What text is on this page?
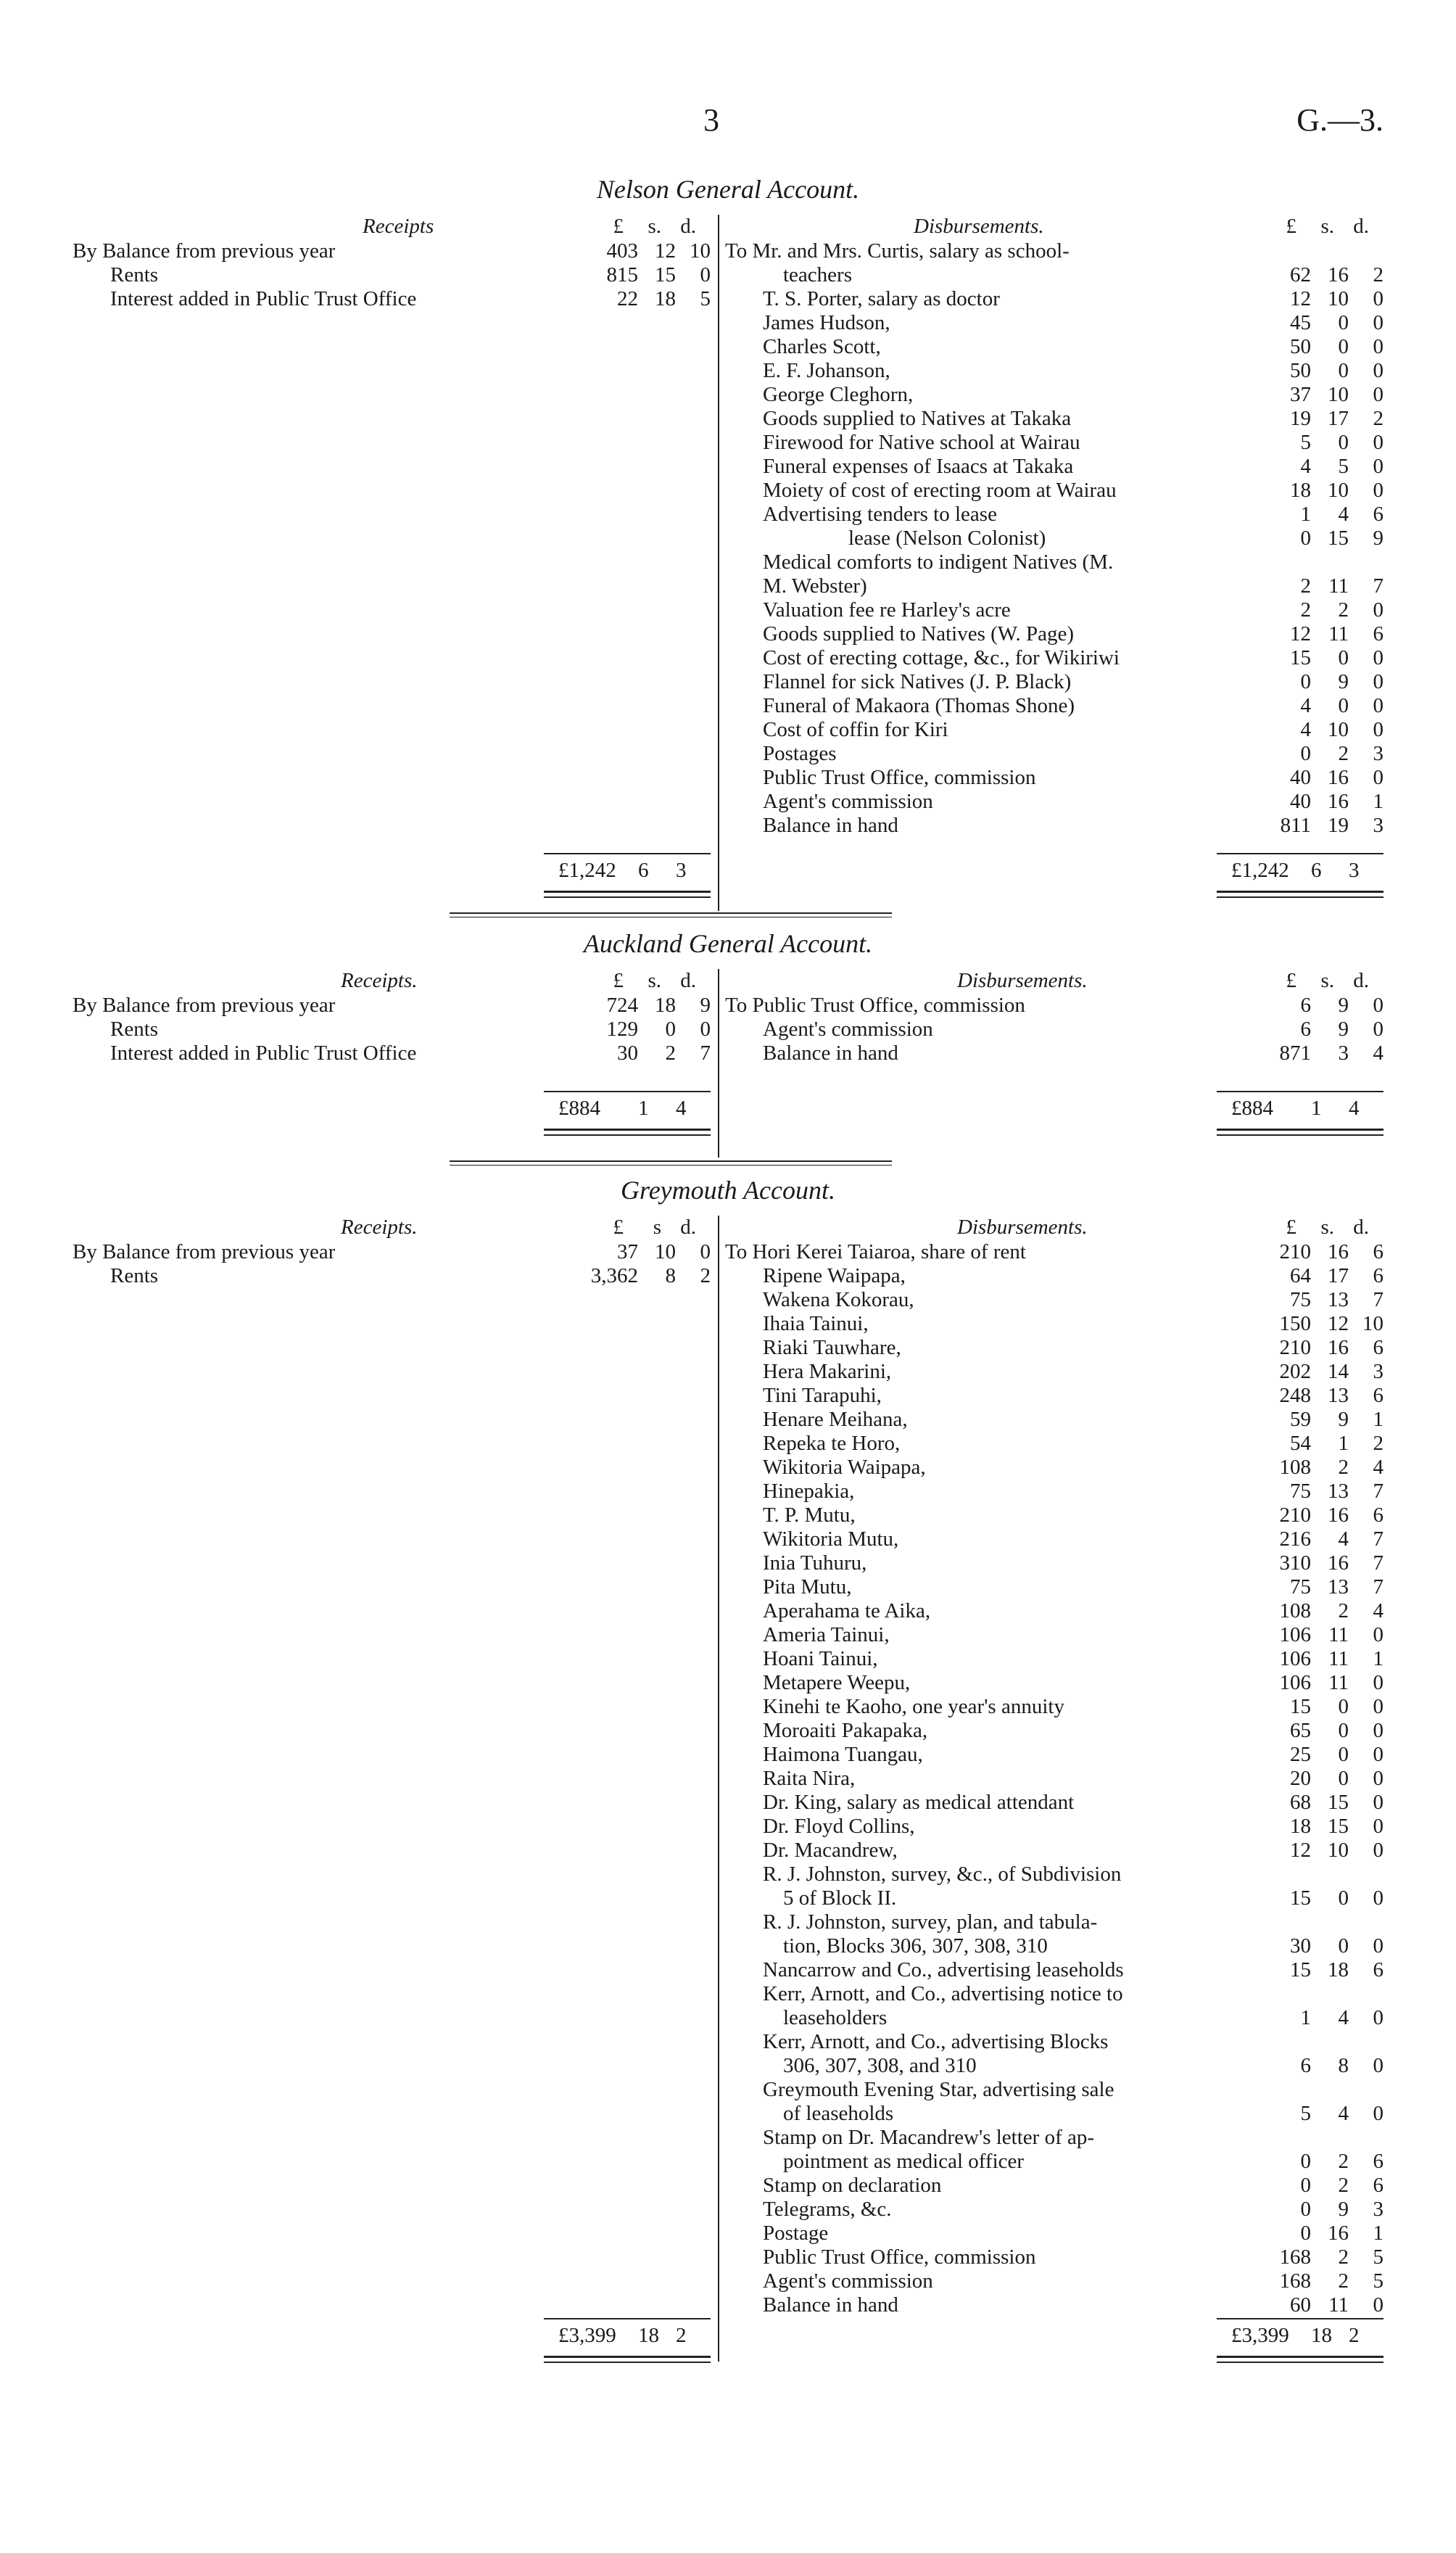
3	G.—3.
Nelson General Account.
Receipts	£	s. d.
By Balance from previous year	403 12 10
Rents	815 15	0
Interest added in Public Trust Office	22 18	5
Disbursements.	£	s. d.
To Mr. and Mrs. Curtis, salary as school-
teachers	62 16	2
T. S. Porter, salary as doctor	12 10	0
James Hudson,	45	0	0
Charles Scott,	50	0	0
E. F. Johanson,	50	0	0
George Cleghorn,	37 10	0
Goods supplied to Natives at Takaka	19 17	2
Firewood for Native school at Wairau	5	0	0
Funeral expenses of Isaacs at Takaka	4	5	0
Moiety of cost of erecting room at Wairau	18 10	0
Advertising tenders to lease	1	4	6
lease (Nelson Colonist)	0 15	9
Medical comforts to indigent Natives (M.
M. Webster)	2 11	7
Valuation fee re Harley's acre	2	2	0
Goods supplied to Natives (W. Page)	12 11	6
Cost of erecting cottage, &c., for Wikiriwi	15	0	0
Flannel for sick Natives (J. P. Black)	0	9	0
Funeral of Makaora (Thomas Shone)	4	0	0
Cost of coffin for Kiri	4 10	0
Postages	0	2	3
Public Trust Office, commission	40 16	0
Agent's commission	40 16	1
Balance in hand	811 19	3
£1,242	6	3	£1,242	6	3
Auckland General Account.
Receipts.	£	s. d.
By Balance from previous year	724 18	9
Rents	129	0	0
Interest added in Public Trust Office	30	2	7
Disbursements.	£	s. d.
To Public Trust Office, commission	6	9	0
Agent's commission	6	9	0
Balance in hand	871	3	4
£884	1	4	£884	1	4
Greymouth Account.
Receipts.	£	s d.
By Balance from previous year	37 10	0
Rents	3,362	8	2
Disbursements.	£	s. d.
To Hori Kerei Taiaroa, share of rent	210 16	6
Ripene Waipapa,	64 17	6
Wakena Kokorau,	75 13	7
Ihaia Tainui,	150 12 10
Riaki Tauwhare,	210 16	6
Hera Makarini,	202 14	3
Tini Tarapuhi,	248 13	6
Henare Meihana,	59	9	1
Repeka te Horo,	54	1	2
Wikitoria Waipapa,	108	2	4
Hinepakia,	75 13	7
T. P. Mutu,	210 16	6
Wikitoria Mutu,	216	4	7
Inia Tuhuru,	310 16	7
Pita Mutu,	75 13	7
Aperahama te Aika,	108	2	4
Ameria Tainui,	106 11	0
Hoani Tainui,	106 11	1
Metapere Weepu,	106 11	0
Kinehi te Kaoho, one year's annuity	15	0	0
Moroaiti Pakapaka,	65	0	0
Haimona Tuangau,	25	0	0
Raita Nira,	20	0	0
Dr. King, salary as medical attendant	68 15	0
Dr. Floyd Collins,	18 15	0
Dr. Macandrew,	12 10	0
R. J. Johnston, survey, &c., of Subdivision
5 of Block II.	15	0	0
R. J. Johnston, survey, plan, and tabula-
tion, Blocks 306, 307, 308, 310	30	0	0
Nancarrow and Co., advertising leaseholds	15 18	6
Kerr, Arnott, and Co., advertising notice to
leaseholders	1	4	0
Kerr, Arnott, and Co., advertising Blocks
306, 307, 308, and 310	6	8	0
Greymouth Evening Star, advertising sale
of leaseholds	5	4	0
Stamp on Dr. Macandrew's letter of ap-
pointment as medical officer	0	2	6
Stamp on declaration	0	2	6
Telegrams, &c.	0	9	3
Postage	0 16	1
Public Trust Office, commission	168	2	5
Agent's commission	168	2	5
Balance in hand	60 11	0
£3,399	18 2	£3,399	18 2
